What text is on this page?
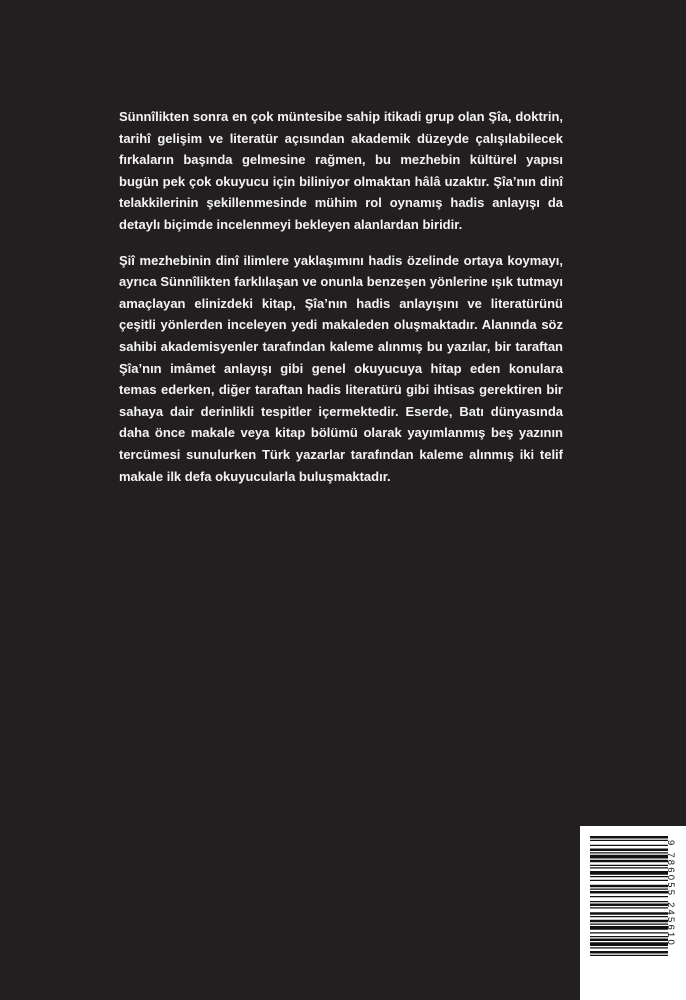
Sünnîlikten sonra en çok müntesibe sahip itikadi grup olan Şîa, doktrin, tarihî gelişim ve literatür açısından akademik düzeyde çalışılabilecek fırkaların başında gelmesine rağmen, bu mezhebin kültürel yapısı bugün pek çok okuyucu için biliniyor olmaktan hâlâ uzaktır. Şîa’nın dinî telakkilerinin şekillenmesinde mühim rol oynamış hadis anlayışı da detaylı biçimde incelenmeyi bekleyen alanlardan biridir.

Şiî mezhebinin dinî ilimlere yaklaşımını hadis özelinde ortaya koymayı, ayrıca Sünnîlikten farklılaşan ve onunla benzeşen yönlerine ışık tutmayı amaçlayan elinizdeki kitap, Şîa’nın hadis anlayışını ve literatürünü çeşitli yönlerden inceleyen yedi makaleden oluşmaktadır. Alanında söz sahibi akademisyenler tarafından kaleme alınmış bu yazılar, bir taraftan Şîa’nın imâmet anlayışı gibi genel okuyucuya hitap eden konulara temas ederken, diğer taraftan hadis literatürü gibi ihtisas gerektiren bir sahaya dair derinlikli tespitler içermektedir. Eserde, Batı dünyasında daha önce makale veya kitap bölümü olarak yayımlanmış beş yazının tercümesi sunulurken Türk yazarlar tarafından kaleme alınmış iki telif makale ilk defa okuyucularla buluşmaktadır.

9 786055 245610
